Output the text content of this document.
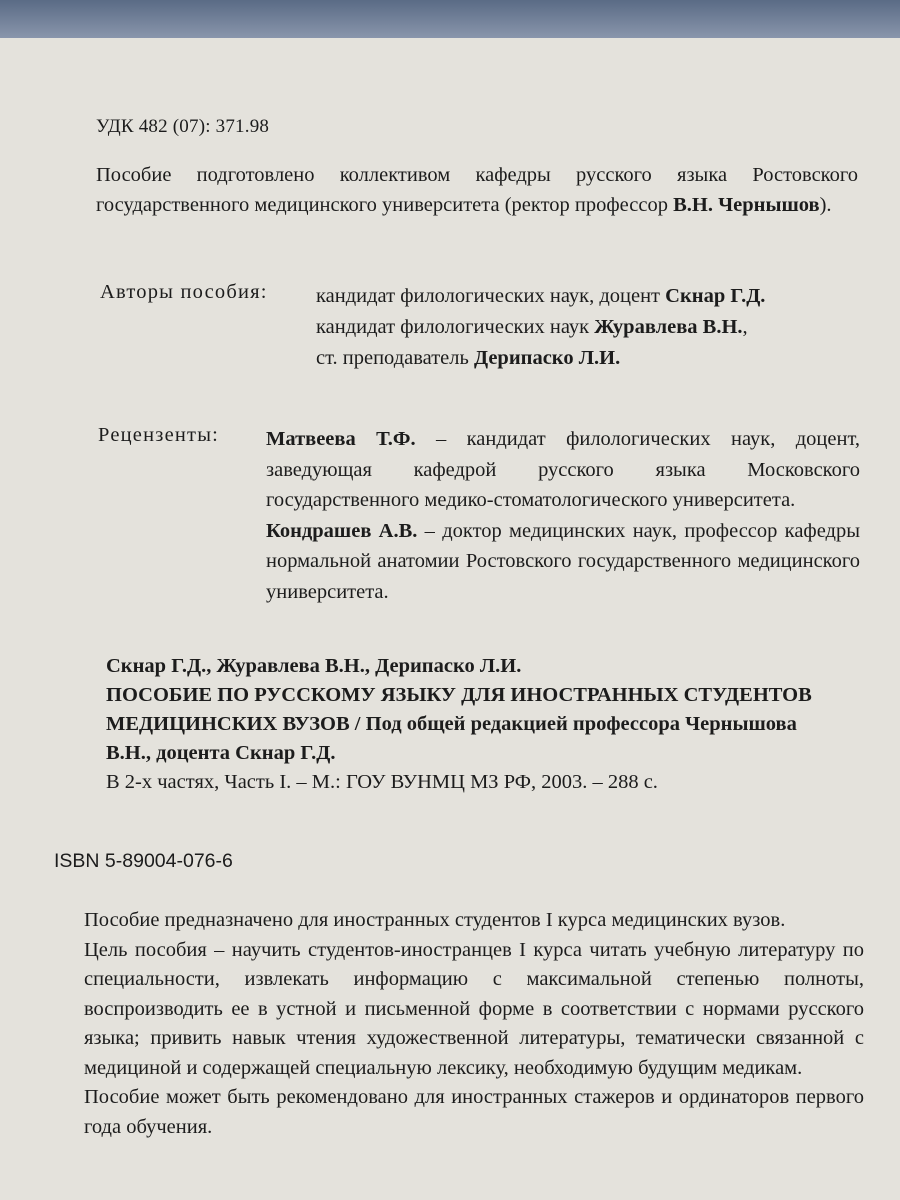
УДК 482 (07): 371.98
Пособие подготовлено коллективом кафедры русского языка Ростовского государственного медицинского университета (ректор профессор В.Н. Чернышов).
Авторы пособия: кандидат филологических наук, доцент Скнар Г.Д.
кандидат филологических наук Журавлева В.Н.,
ст. преподаватель Дерипаско Л.И.
Рецензенты: Матвеева Т.Ф. – кандидат филологических наук, доцент, заведующая кафедрой русского языка Московского государственного медико-стоматологического университета.
Кондрашев А.В. – доктор медицинских наук, профессор кафедры нормальной анатомии Ростовского государственного медицинского университета.
Скнар Г.Д., Журавлева В.Н., Дерипаско Л.И.
ПОСОБИЕ ПО РУССКОМУ ЯЗЫКУ ДЛЯ ИНОСТРАННЫХ СТУДЕНТОВ МЕДИЦИНСКИХ ВУЗОВ / Под общей редакцией профессора Чернышова В.Н., доцента Скнар Г.Д.
В 2-х частях, Часть I. – М.: ГОУ ВУНМЦ МЗ РФ, 2003. – 288 с.
ISBN 5-89004-076-6

Пособие предназначено для иностранных студентов I курса медицинских вузов.

Цель пособия – научить студентов-иностранцев I курса читать учебную литературу по специальности, извлекать информацию с максимальной степенью полноты, воспроизводить ее в устной и письменной форме в соответствии с нормами русского языка; привить навык чтения художественной литературы, тематически связанной с медициной и содержащей специальную лексику, необходимую будущим медикам.

Пособие может быть рекомендовано для иностранных стажеров и ординаторов первого года обучения.
